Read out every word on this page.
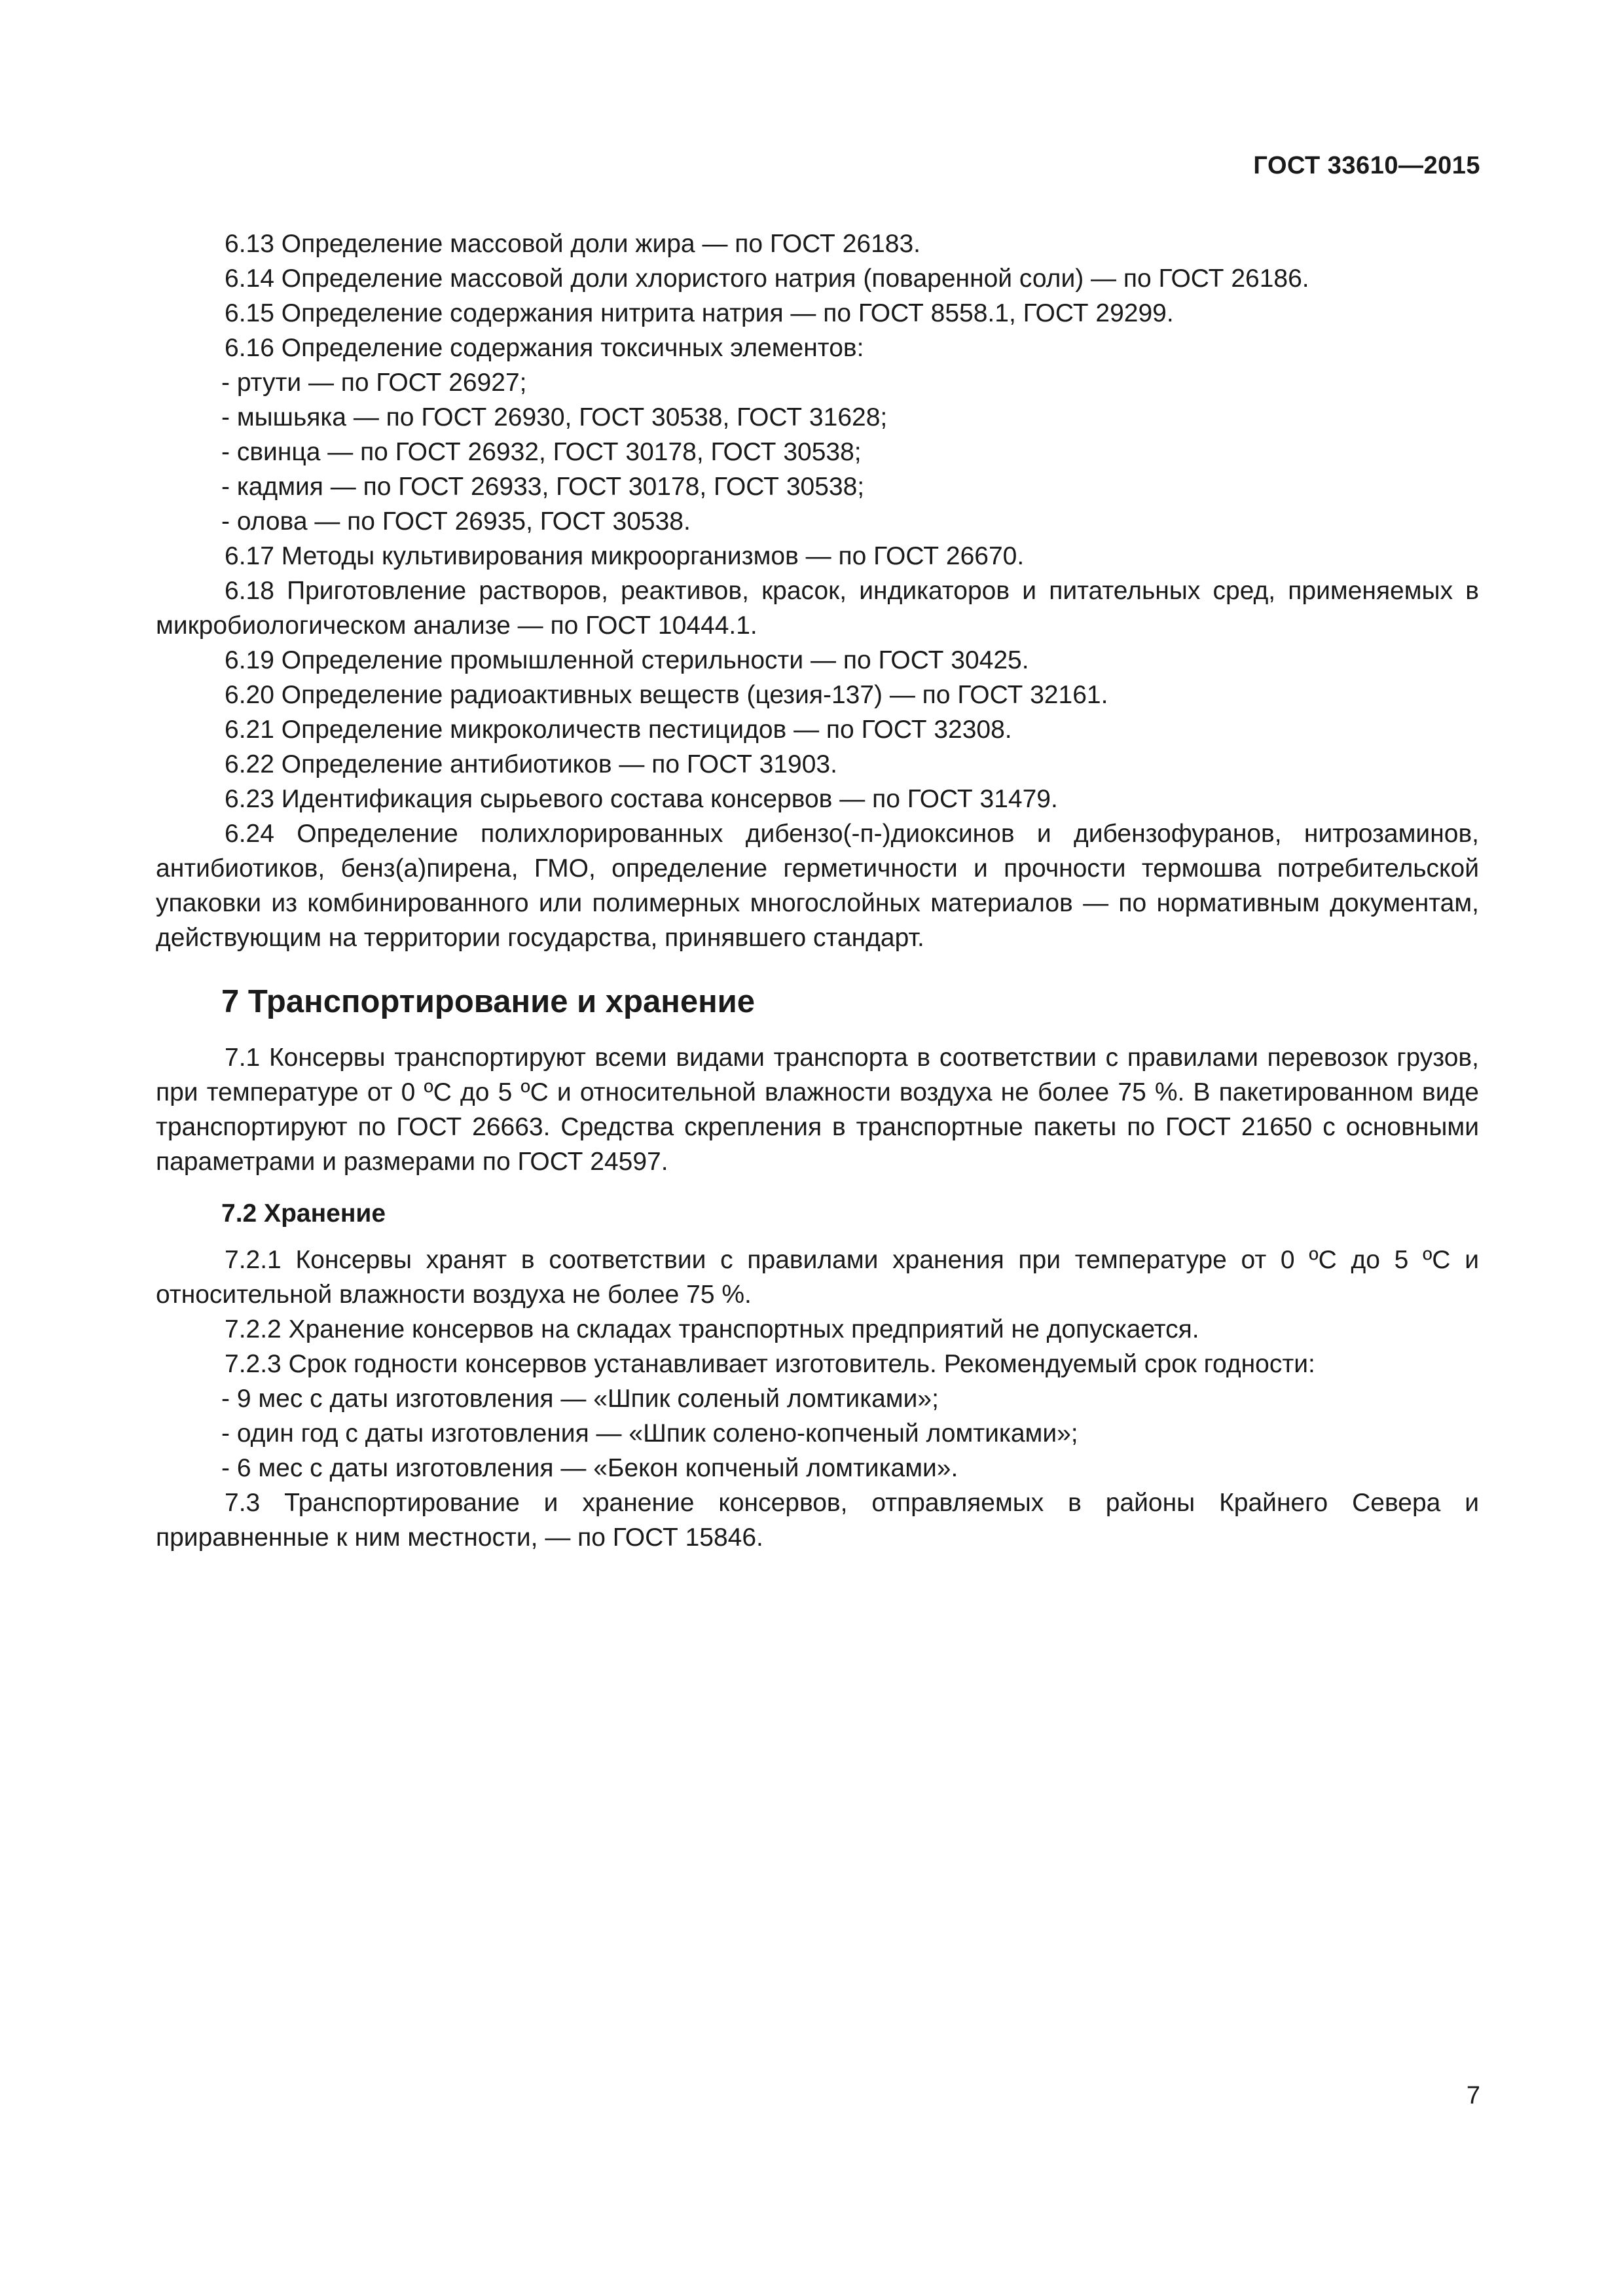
ГОСТ 33610—2015

6.13 Определение массовой доли жира — по ГОСТ 26183.

6.14 Определение массовой доли хлористого натрия (поваренной соли) — по ГОСТ 26186.

6.15 Определение содержания нитрита натрия — по ГОСТ 8558.1, ГОСТ 29299.

6.16 Определение содержания токсичных элементов:

- ртути — по ГОСТ 26927;

- мышьяка — по ГОСТ 26930, ГОСТ 30538, ГОСТ 31628;

- свинца — по ГОСТ 26932, ГОСТ 30178, ГОСТ 30538;

- кадмия — по ГОСТ 26933, ГОСТ 30178, ГОСТ 30538;

- олова — по ГОСТ 26935, ГОСТ 30538.

6.17 Методы культивирования микроорганизмов — по ГОСТ 26670.

6.18 Приготовление растворов, реактивов, красок, индикаторов и питательных сред, применяемых в микробиологическом анализе — по ГОСТ 10444.1.

6.19 Определение промышленной стерильности — по ГОСТ 30425.

6.20 Определение радиоактивных веществ (цезия-137) — по ГОСТ 32161.

6.21 Определение микроколичеств пестицидов — по ГОСТ 32308.

6.22 Определение антибиотиков — по ГОСТ 31903.

6.23 Идентификация сырьевого состава консервов — по ГОСТ 31479.

6.24 Определение полихлорированных дибензо(-п-)диоксинов и дибензофуранов, нитрозаминов, антибиотиков, бенз(а)пирена, ГМО, определение герметичности и прочности термошва потребительской упаковки из комбинированного или полимерных многослойных материалов — по нормативным документам, действующим на территории государства, принявшего стандарт.

7 Транспортирование и хранение

7.1 Консервы транспортируют всеми видами транспорта в соответствии с правилами перевозок грузов, при температуре от 0 ºС до 5 ºС и относительной влажности воздуха не более 75 %. В пакетированном виде транспортируют по ГОСТ 26663. Средства скрепления в транспортные пакеты по ГОСТ 21650 с основными параметрами и размерами по ГОСТ 24597.

7.2 Хранение

7.2.1 Консервы хранят в соответствии с правилами хранения при температуре от 0 ºС до 5 ºС и относительной влажности воздуха не более 75 %.

7.2.2 Хранение консервов на складах транспортных предприятий не допускается.

7.2.3 Срок годности консервов устанавливает изготовитель. Рекомендуемый срок годности:

- 9 мес с даты изготовления — «Шпик соленый ломтиками»;

- один год с даты изготовления — «Шпик солено-копченый ломтиками»;

- 6 мес с даты изготовления — «Бекон копченый ломтиками».

7.3 Транспортирование и хранение консервов, отправляемых в районы Крайнего Севера и приравненные к ним местности, — по ГОСТ 15846.

7
